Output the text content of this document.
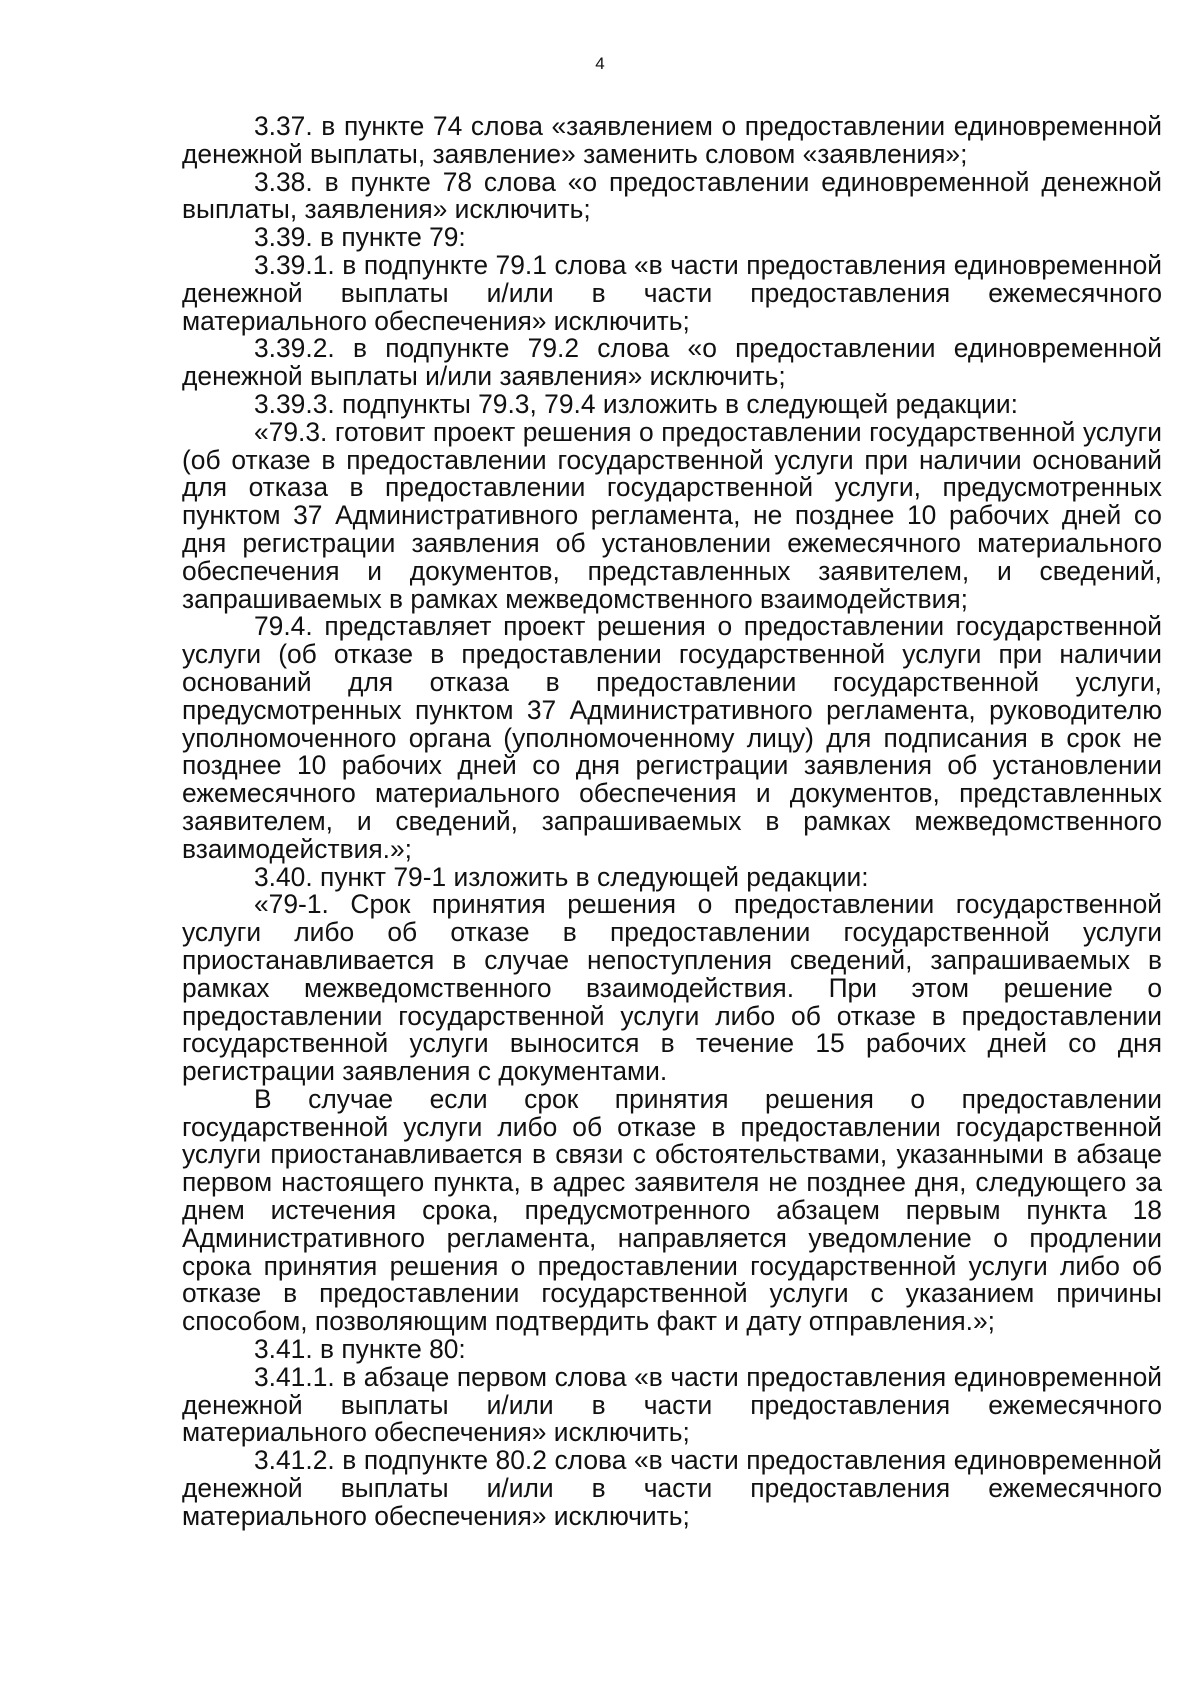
4

3.37. в пункте 74 слова «заявлением о предоставлении единовременной денежной выплаты, заявление» заменить словом «заявления»;

3.38. в пункте 78 слова «о предоставлении единовременной денежной выплаты, заявления» исключить;

3.39. в пункте 79:

3.39.1. в подпункте 79.1 слова «в части предоставления единовременной денежной выплаты и/или в части предоставления ежемесячного материального обеспечения» исключить;

3.39.2. в подпункте 79.2 слова «о предоставлении единовременной денежной выплаты и/или заявления» исключить;

3.39.3. подпункты 79.3, 79.4 изложить в следующей редакции:

«79.3. готовит проект решения о предоставлении государственной услуги (об отказе в предоставлении государственной услуги при наличии оснований для отказа в предоставлении государственной услуги, предусмотренных пунктом 37 Административного регламента, не позднее 10 рабочих дней со дня регистрации заявления об установлении ежемесячного материального обеспечения и документов, представленных заявителем, и сведений, запрашиваемых в рамках межведомственного взаимодействия;

79.4. представляет проект решения о предоставлении государственной услуги (об отказе в предоставлении государственной услуги при наличии оснований для отказа в предоставлении государственной услуги, предусмотренных пунктом 37 Административного регламента, руководителю уполномоченного органа (уполномоченному лицу) для подписания в срок не позднее 10 рабочих дней со дня регистрации заявления об установлении ежемесячного материального обеспечения и документов, представленных заявителем, и сведений, запрашиваемых в рамках межведомственного взаимодействия.»;

3.40. пункт 79-1 изложить в следующей редакции:

«79-1. Срок принятия решения о предоставлении государственной услуги либо об отказе в предоставлении государственной услуги приостанавливается в случае непоступления сведений, запрашиваемых в рамках межведомственного взаимодействия. При этом решение о предоставлении государственной услуги либо об отказе в предоставлении государственной услуги выносится в течение 15 рабочих дней со дня регистрации заявления с документами.

В случае если срок принятия решения о предоставлении государственной услуги либо об отказе в предоставлении государственной услуги приостанавливается в связи с обстоятельствами, указанными в абзаце первом настоящего пункта, в адрес заявителя не позднее дня, следующего за днем истечения срока, предусмотренного абзацем первым пункта 18 Административного регламента, направляется уведомление о продлении срока принятия решения о предоставлении государственной услуги либо об отказе в предоставлении государственной услуги с указанием причины способом, позволяющим подтвердить факт и дату отправления.»;

3.41. в пункте 80:

3.41.1. в абзаце первом слова «в части предоставления единовременной денежной выплаты и/или в части предоставления ежемесячного материального обеспечения» исключить;

3.41.2. в подпункте 80.2 слова «в части предоставления единовременной денежной выплаты и/или в части предоставления ежемесячного материального обеспечения» исключить;
